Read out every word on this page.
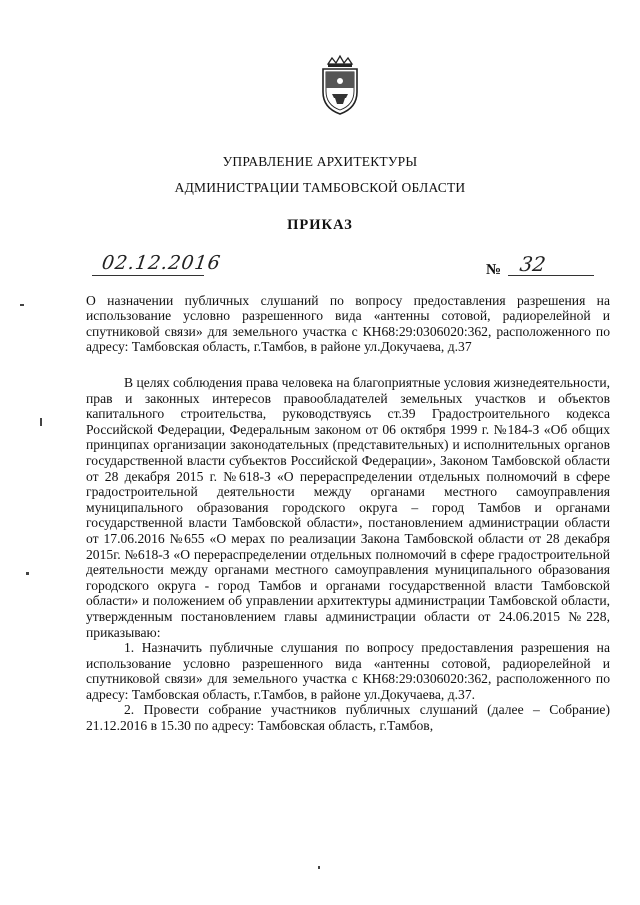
УПРАВЛЕНИЕ АРХИТЕКТУРЫ
АДМИНИСТРАЦИИ ТАМБОВСКОЙ ОБЛАСТИ
ПРИКАЗ
02.12.2016	№ 32
О назначении публичных слушаний по вопросу предоставления разрешения на использование условно разрешенного вида «антенны сотовой, радиорелейной и спутниковой связи» для земельного участка с КН68:29:0306020:362, расположенного по адресу: Тамбовская область, г.Тамбов, в районе ул.Докучаева, д.37

В целях соблюдения права человека на благоприятные условия жизнедеятельности, прав и законных интересов правообладателей земельных участков и объектов капитального строительства, руководствуясь ст.39 Градостроительного кодекса Российской Федерации, Федеральным законом от 06 октября 1999 г. №184-З «Об общих принципах организации законодательных (представительных) и исполнительных органов государственной власти субъектов Российской Федерации», Законом Тамбовской области от 28 декабря 2015 г. №618-З «О перераспределении отдельных полномочий в сфере градостроительной деятельности между органами местного самоуправления муниципального образования городского округа – город Тамбов и органами государственной власти Тамбовской области», постановлением администрации области от 17.06.2016 №655 «О мерах по реализации Закона Тамбовской области от 28 декабря 2015г. №618-З «О перераспределении отдельных полномочий в сфере градостроительной деятельности между органами местного самоуправления муниципального образования городского округа - город Тамбов и органами государственной власти Тамбовской области» и положением об управлении архитектуры администрации Тамбовской области, утвержденным постановлением главы администрации области от 24.06.2015 №228, приказываю:

1. Назначить публичные слушания по вопросу предоставления разрешения на использование условно разрешенного вида «антенны сотовой, радиорелейной и спутниковой связи» для земельного участка с КН68:29:0306020:362, расположенного по адресу: Тамбовская область, г.Тамбов, в районе ул.Докучаева, д.37.

2. Провести собрание участников публичных слушаний (далее – Собрание) 21.12.2016 в 15.30 по адресу: Тамбовская область, г.Тамбов,
